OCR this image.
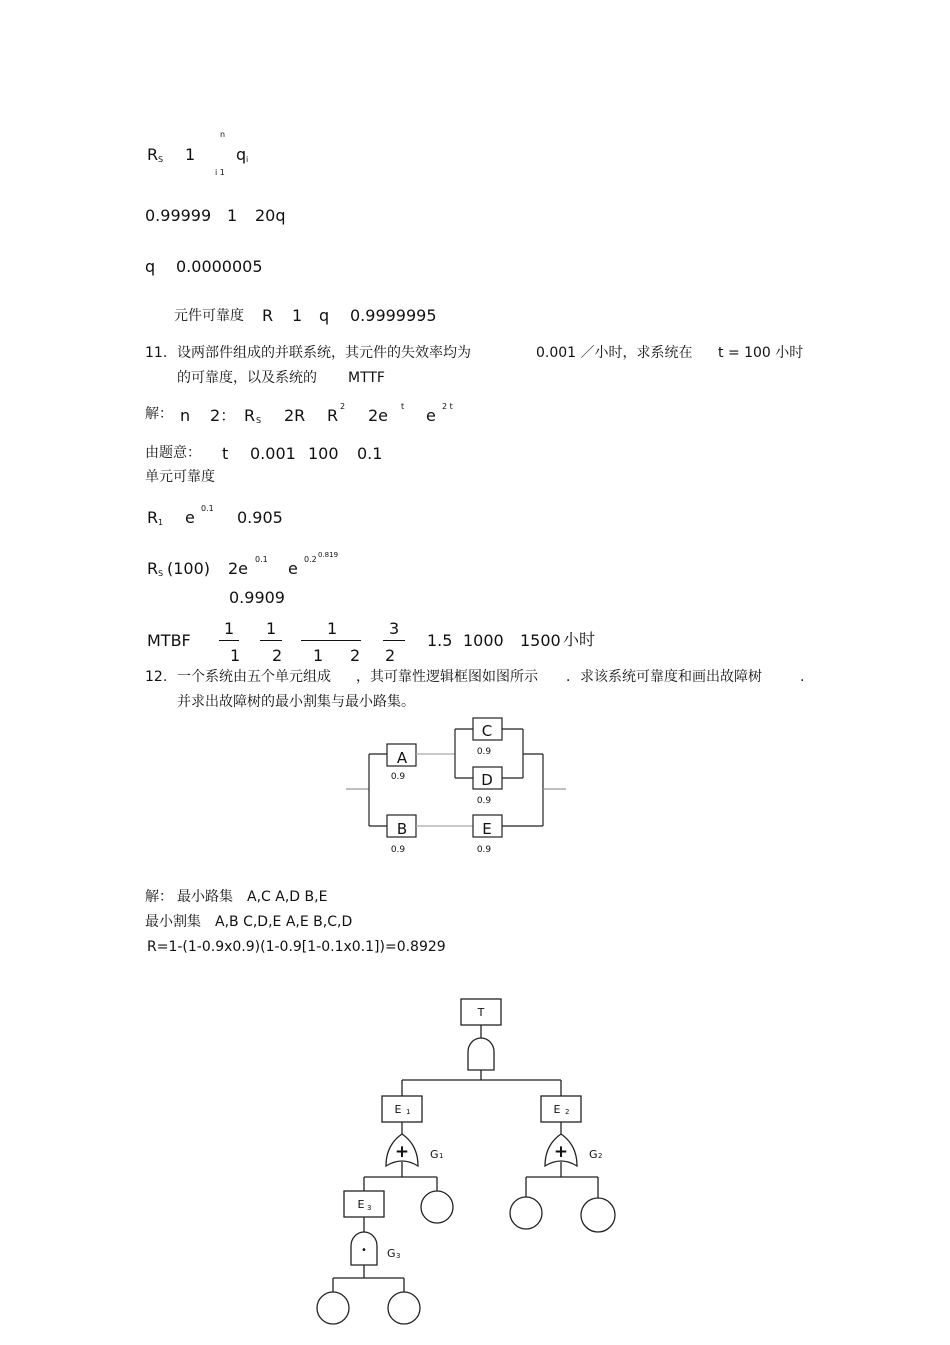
R S 1
n
q i
i 1
0.99999 1 20q
q 0.0000005
元件可靠度 R 1 q 0.9999995
11. 设两部件组成的并联系统，其元件的失效率均为	0.001 ／小时，求系统在 t = 100 小时
的可靠度，以及系统的 MTTF
解： n 2： R S 2R R 2 2e t e 2 t
由题意： t 0.001 100 0.1
单元可靠度
R 1 e 0.1 0.905
R S (100) 2e 0.1 e 0.2 0.819
0.9909
MTBF
1
1
1
2
1
1 2
3
2
1.5 1000 1500 小时
12. 一个系统由五个单元组成 ，其可靠性逻辑框图如图所示 ．求该系统可靠度和画出故障树	.
并求出故障树的最小割集与最小路集。
A
B
C
D
E
0.9
0.9
0.9
0.9
0.9
T
E 1	E 2
E 3
+	+
•
G 1	G 2
G 3
解： 最小路集 A,C A,D B,E
最小割集 A,B C,D,E A,E B,C,D
R=1-(1-0.9x0.9)(1-0.9[1-0.1x0.1])=0.8929
